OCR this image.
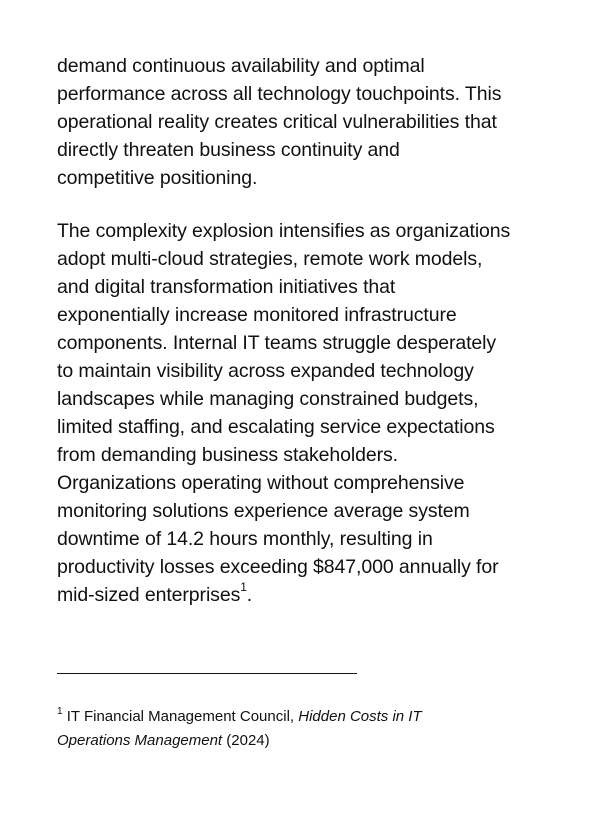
demand continuous availability and optimal
performance across all technology touchpoints. This
operational reality creates critical vulnerabilities that
directly threaten business continuity and
competitive positioning.

The complexity explosion intensifies as organizations
adopt multi-cloud strategies, remote work models,
and digital transformation initiatives that
exponentially increase monitored infrastructure
components. Internal IT teams struggle desperately
to maintain visibility across expanded technology
landscapes while managing constrained budgets,
limited staffing, and escalating service expectations
from demanding business stakeholders.
Organizations operating without comprehensive
monitoring solutions experience average system
downtime of 14.2 hours monthly, resulting in
productivity losses exceeding $847,000 annually for
mid-sized enterprises$^1$.

$^1$ IT Financial Management Council, Hidden Costs in IT
Operations Management (2024)
